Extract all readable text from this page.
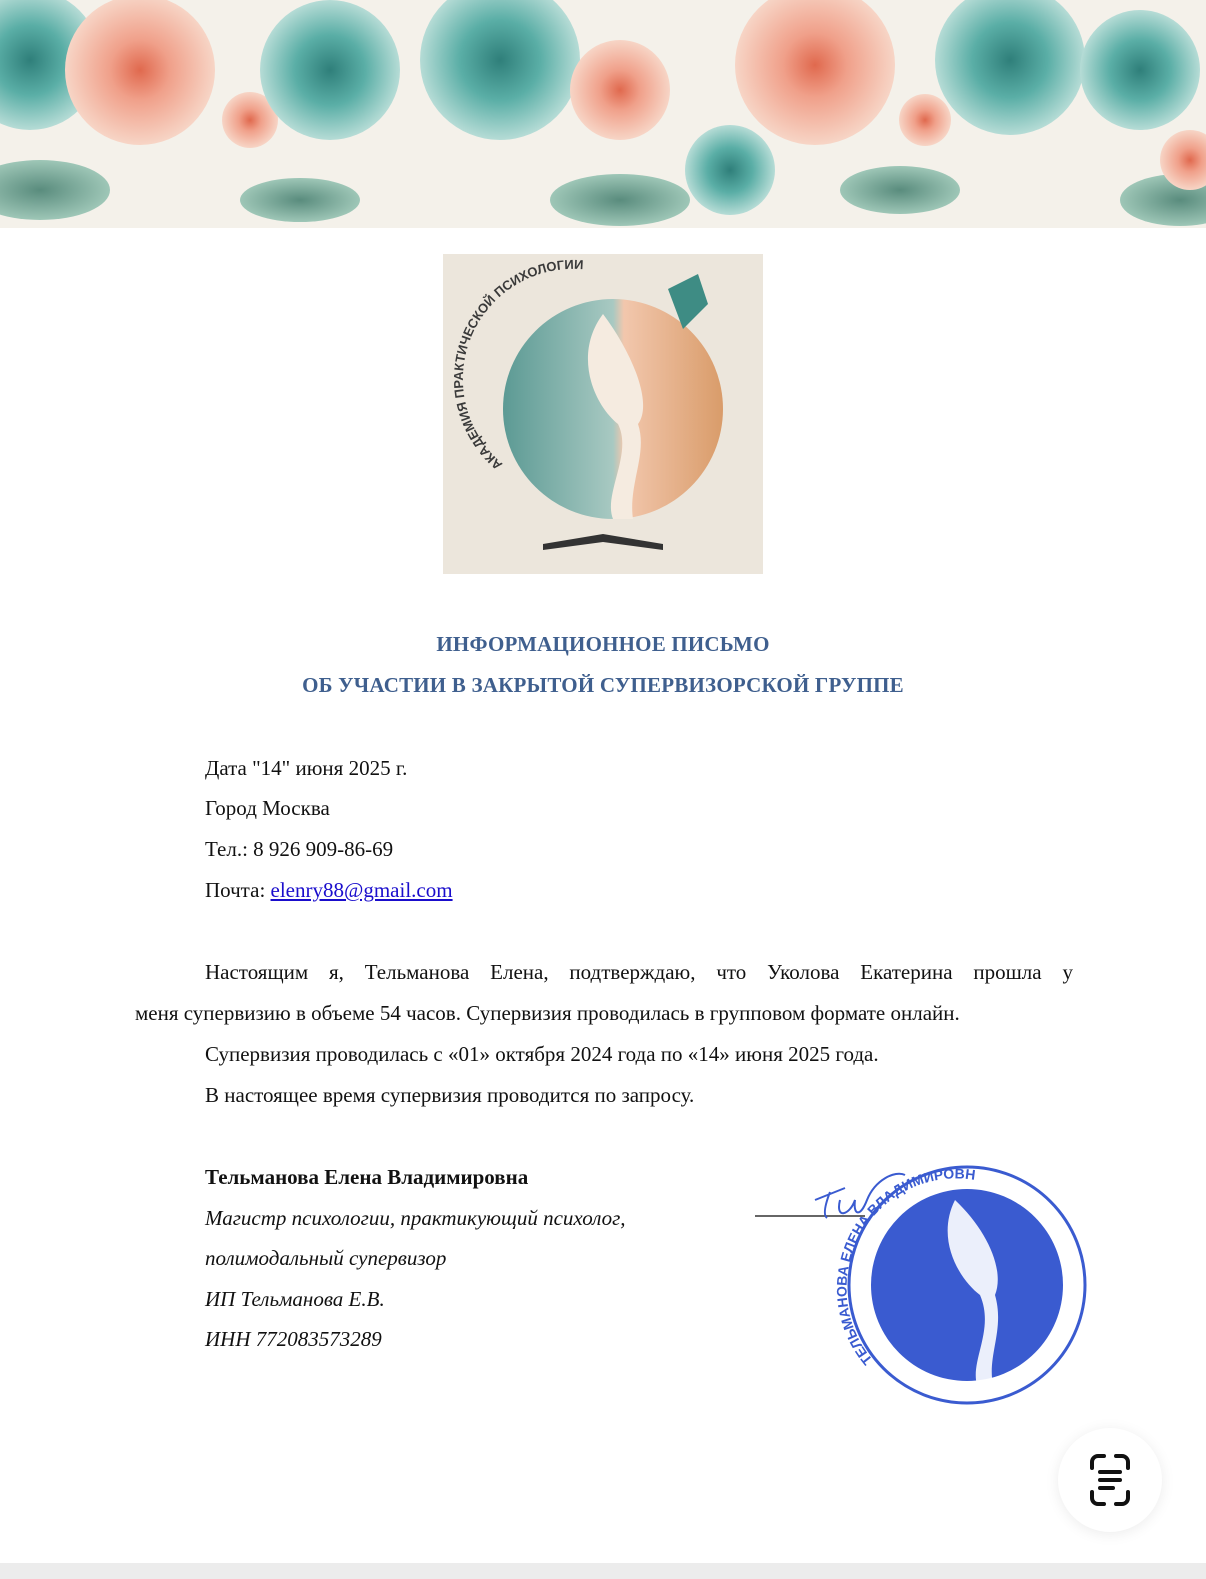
АКАДЕМИЯ ПРАКТИЧЕСКОЙ ПСИХОЛОГИИ
ИНФОРМАЦИОННОЕ ПИСЬМО
ОБ УЧАСТИИ В ЗАКРЫТОЙ СУПЕРВИЗОРСКОЙ ГРУППЕ
Дата "14" июня 2025 г.
Город Москва
Тел.: 8 926 909-86-69
Почта: elenry88@gmail.com
Настоящим я, Тельманова Елена, подтверждаю, что Уколова Екатерина прошла у
меня супервизию в объеме 54 часов. Супервизия проводилась в групповом формате онлайн.
Супервизия проводилась с «01» октября 2024 года по «14» июня 2025 года.
В настоящее время супервизия проводится по запросу.
Тельманова Елена Владимировна
Магистр психологии, практикующий психолог,
полимодальный супервизор
ИП Тельманова Е.В.
ИНН 772083573289
ТЕЛЬМАНОВА ЕЛЕНА ВЛАДИМИРОВН
